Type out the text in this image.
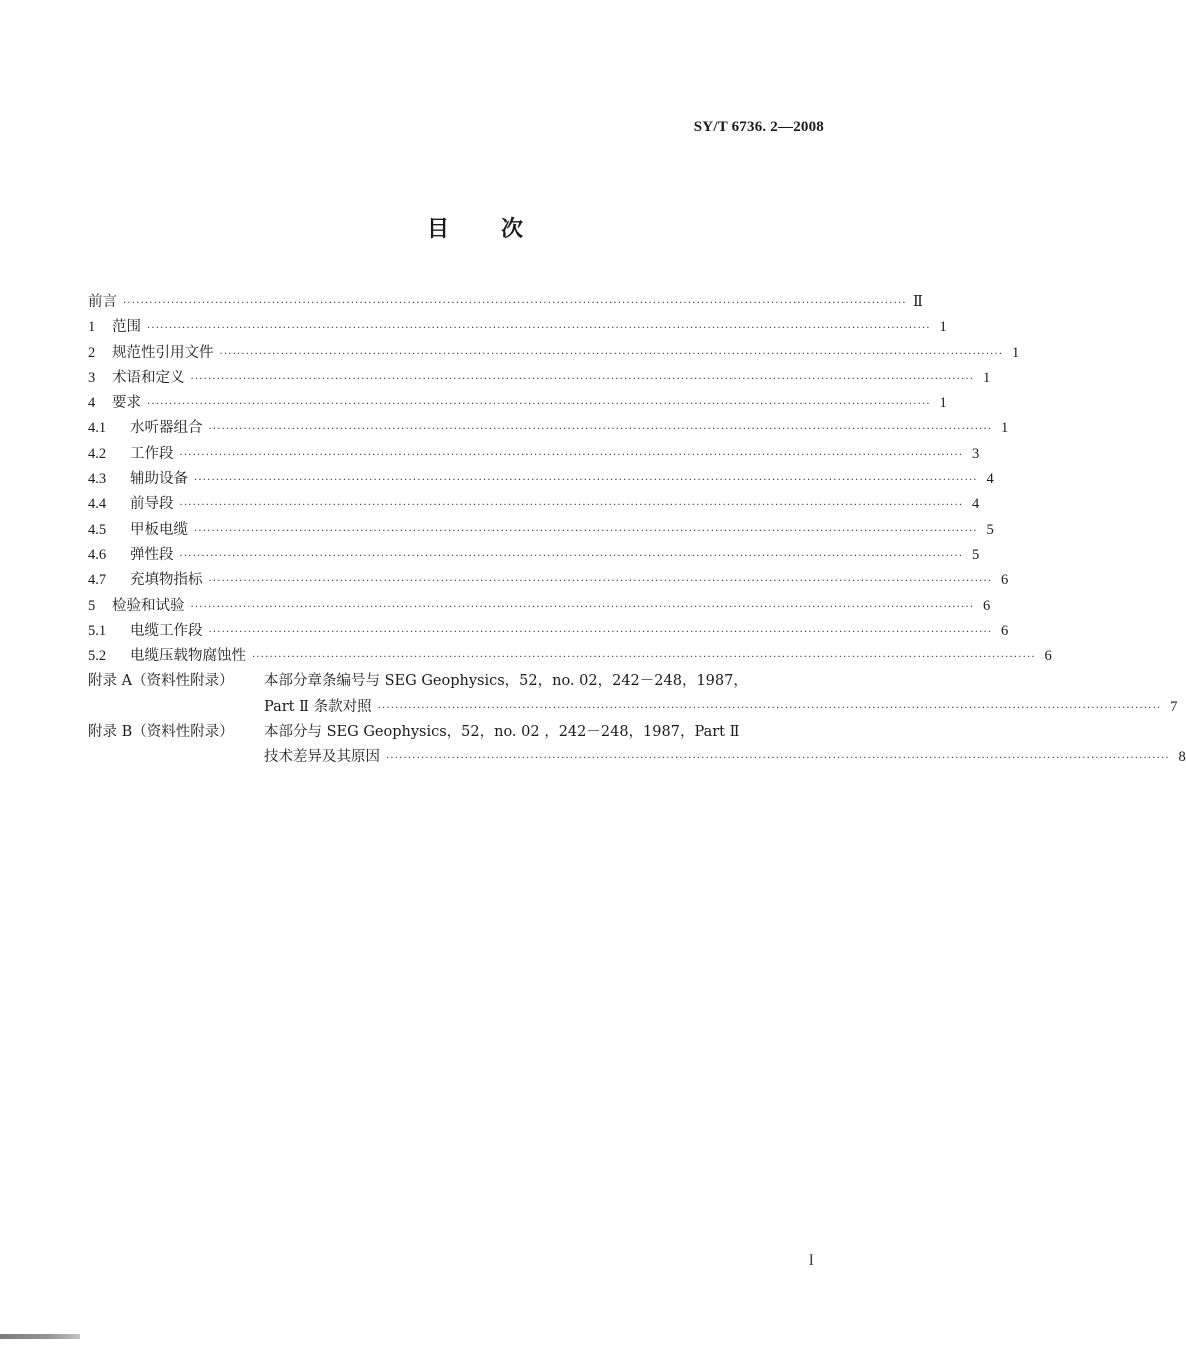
SY/T 6736. 2—2008
目 次
前言 ·····	Ⅱ
1	范围 ·····	1
2	规范性引用文件 ·····	1
3	术语和定义 ·····	1
4	要求 ·····	1
4.1	水听器组合 ·····	1
4.2	工作段 ·····	3
4.3	辅助设备 ·····	4
4.4	前导段 ·····	4
4.5	甲板电缆 ·····	5
4.6	弹性段 ·····	5
4.7	充填物指标 ·····	6
5	检验和试验 ·····	6
5.1	电缆工作段 ·····	6
5.2	电缆压载物腐蚀性 ·····	6
附录 A（资料性附录）	本部分章条编号与 SEG Geophysics，52，no. 02，242－248，1987，
Part Ⅱ 条款对照 ·····	7
附录 B（资料性附录）	本部分与 SEG Geophysics，52，no. 02 ，242－248，1987，Part Ⅱ
技术差异及其原因 ·····	8
I
